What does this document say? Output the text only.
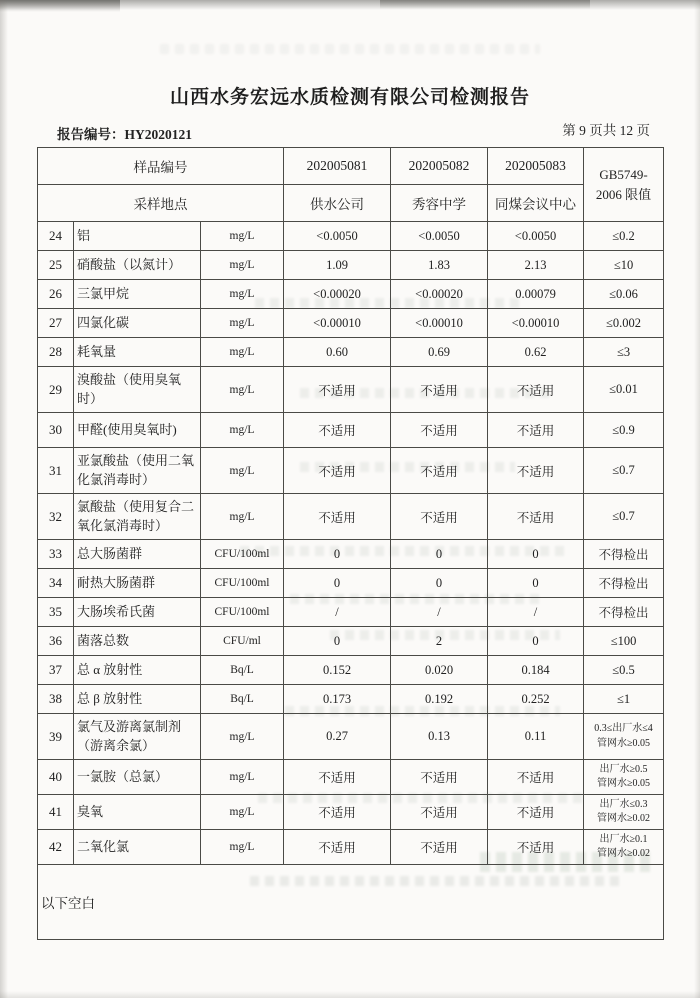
山西水务宏远水质检测有限公司检测报告
报告编号：HY2020121	第 9 页共 12 页
样品编号			202005081	202005082	202005083	GB5749-
2006 限值

采样地点			供水公司	秀容中学	同煤会议中心	
24	铝	mg/L	<0.0050	<0.0050	<0.0050	≤0.2
25	硝酸盐（以氮计）	mg/L	1.09	1.83	2.13	≤10
26	三氯甲烷	mg/L	<0.00020	<0.00020	0.00079	≤0.06
27	四氯化碳	mg/L	<0.00010	<0.00010	<0.00010	≤0.002
28	耗氧量	mg/L	0.60	0.69	0.62	≤3
29	溴酸盐（使用臭氧时）	mg/L	不适用	不适用	不适用	≤0.01
30	甲醛(使用臭氧时)	mg/L	不适用	不适用	不适用	≤0.9
31	亚氯酸盐（使用二氧化氯消毒时）	mg/L	不适用	不适用	不适用	≤0.7
32	氯酸盐（使用复合二氧化氯消毒时）	mg/L	不适用	不适用	不适用	≤0.7
33	总大肠菌群	CFU/100ml	0	0	0	不得检出
34	耐热大肠菌群	CFU/100ml	0	0	0	不得检出
35	大肠埃希氏菌	CFU/100ml	/	/	/	不得检出
36	菌落总数	CFU/ml	0	2	0	≤100
37	总 α 放射性	Bq/L	0.152	0.020	0.184	≤0.5
38	总 β 放射性	Bq/L	0.173	0.192	0.252	≤1
39	氯气及游离氯制剂（游离余氯）	mg/L	0.27	0.13	0.11	0.3≤出厂水≤4
管网水≥0.05

40	一氯胺（总氯）	mg/L	不适用	不适用	不适用	出厂水≥0.5
管网水≥0.05

41	臭氧	mg/L	不适用	不适用	不适用	出厂水≤0.3
管网水≥0.02

42	二氧化氯	mg/L	不适用	不适用	不适用	出厂水≥0.1
管网水≥0.02

以下空白						
